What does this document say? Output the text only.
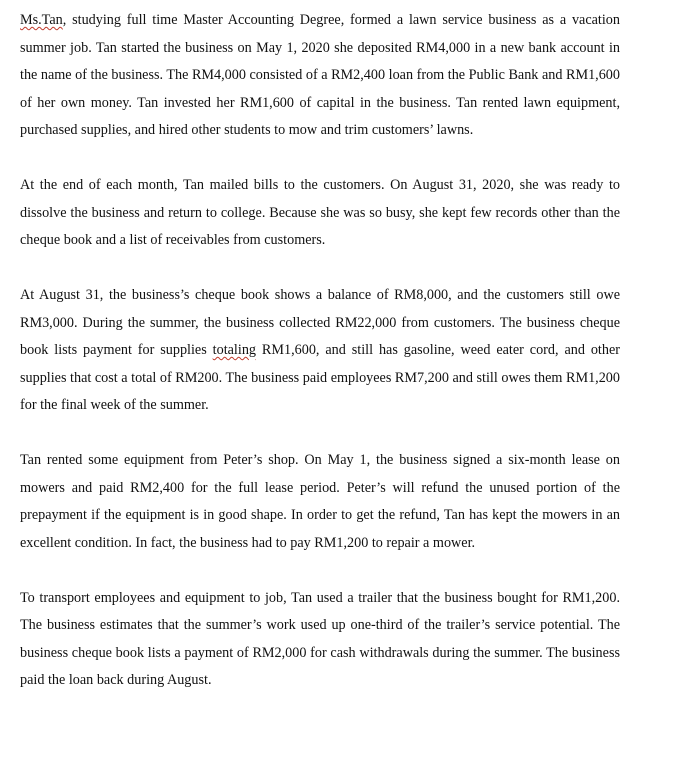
Ms.Tan, studying full time Master Accounting Degree, formed a lawn service business as a vacation summer job. Tan started the business on May 1, 2020 she deposited RM4,000 in a new bank account in the name of the business. The RM4,000 consisted of a RM2,400 loan from the Public Bank and RM1,600 of her own money. Tan invested her RM1,600 of capital in the business. Tan rented lawn equipment, purchased supplies, and hired other students to mow and trim customers’ lawns.

At the end of each month, Tan mailed bills to the customers. On August 31, 2020, she was ready to dissolve the business and return to college. Because she was so busy, she kept few records other than the cheque book and a list of receivables from customers.

At August 31, the business’s cheque book shows a balance of RM8,000, and the customers still owe RM3,000. During the summer, the business collected RM22,000 from customers. The business cheque book lists payment for supplies totaling RM1,600, and still has gasoline, weed eater cord, and other supplies that cost a total of RM200. The business paid employees RM7,200 and still owes them RM1,200 for the final week of the summer.

Tan rented some equipment from Peter’s shop. On May 1, the business signed a six-month lease on mowers and paid RM2,400 for the full lease period. Peter’s will refund the unused portion of the prepayment if the equipment is in good shape. In order to get the refund, Tan has kept the mowers in an excellent condition. In fact, the business had to pay RM1,200 to repair a mower.

To transport employees and equipment to job, Tan used a trailer that the business bought for RM1,200. The business estimates that the summer’s work used up one-third of the trailer’s service potential. The business cheque book lists a payment of RM2,000 for cash withdrawals during the summer. The business paid the loan back during August.
